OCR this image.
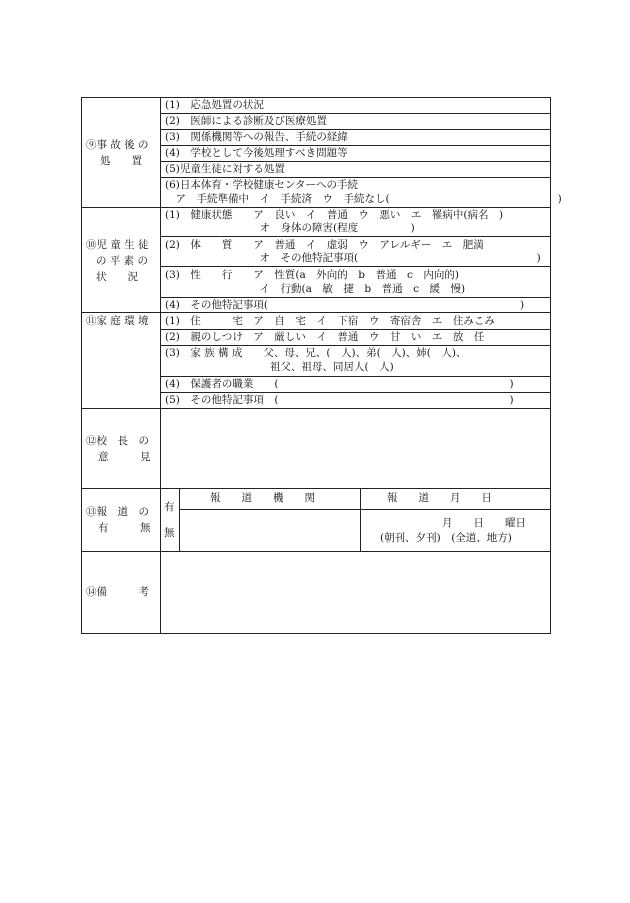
⑨事 故 後 の
処　　置
(1)　応急処置の状況
(2)　医師による診断及び医療処置
(3)　関係機関等への報告、手続の経緯
(4)　学校として今後処理すべき問題等
(5)児童生徒に対する処置
(6)日本体育・学校健康センターへの手続
　ア　手続準備中　イ　手続済　ウ　手続なし(　　　　　　　　　　　　　　　　)
⑩児 童 生 徒
の 平 素 の
状　　況
(1)　健康状態　　ア　良い　イ　普通　ウ　悪い　エ　罹病中(病名　)
　　　　　　　　　オ　身体の障害(程度　　　　　)
(2)　体　　質　　ア　普通　イ　虚弱　ウ　アレルギー　エ　肥満
　　　　　　　　　オ　その他特記事項(　　　　　　　　　　　　　　　　　)
(3)　性　　行　　ア　性質(a　外向的　b　普通　c　内向的)
　　　　　　　　　イ　行動(a　敏　捷　b　普通　c　緩　慢)
(4)　その他特記事項(　　　　　　　　　　　　　　　　　　　　　　　　)
⑪家 庭 環 境 (1)　住　　　宅　ア　自　宅　イ　下宿　ウ　寄宿舎　エ　住みこみ
(2)　親のしつけ　ア　厳しい　イ　普通　ウ　甘　い　エ　放　任
(3)　家 族 構 成　　父、母、兄、(　人)、弟(　人)、姉(　人)、
　　　　　　　　　　祖父、祖母、同居人(　人)
(4)　保護者の職業　　(　　　　　　　　　　　　　　　　　　　　　　)
(5)　その他特記事項　(　　　　　　　　　　　　　　　　　　　　　　)
⑫校　長　の
意　　　見
⑬報　道　の
有　　　無
有
無
報　　道　　機　　関	報　　道　　月　　日
月　　日　　曜日
(朝刊、夕刊)　(全道、地方)
⑭備　　　考
